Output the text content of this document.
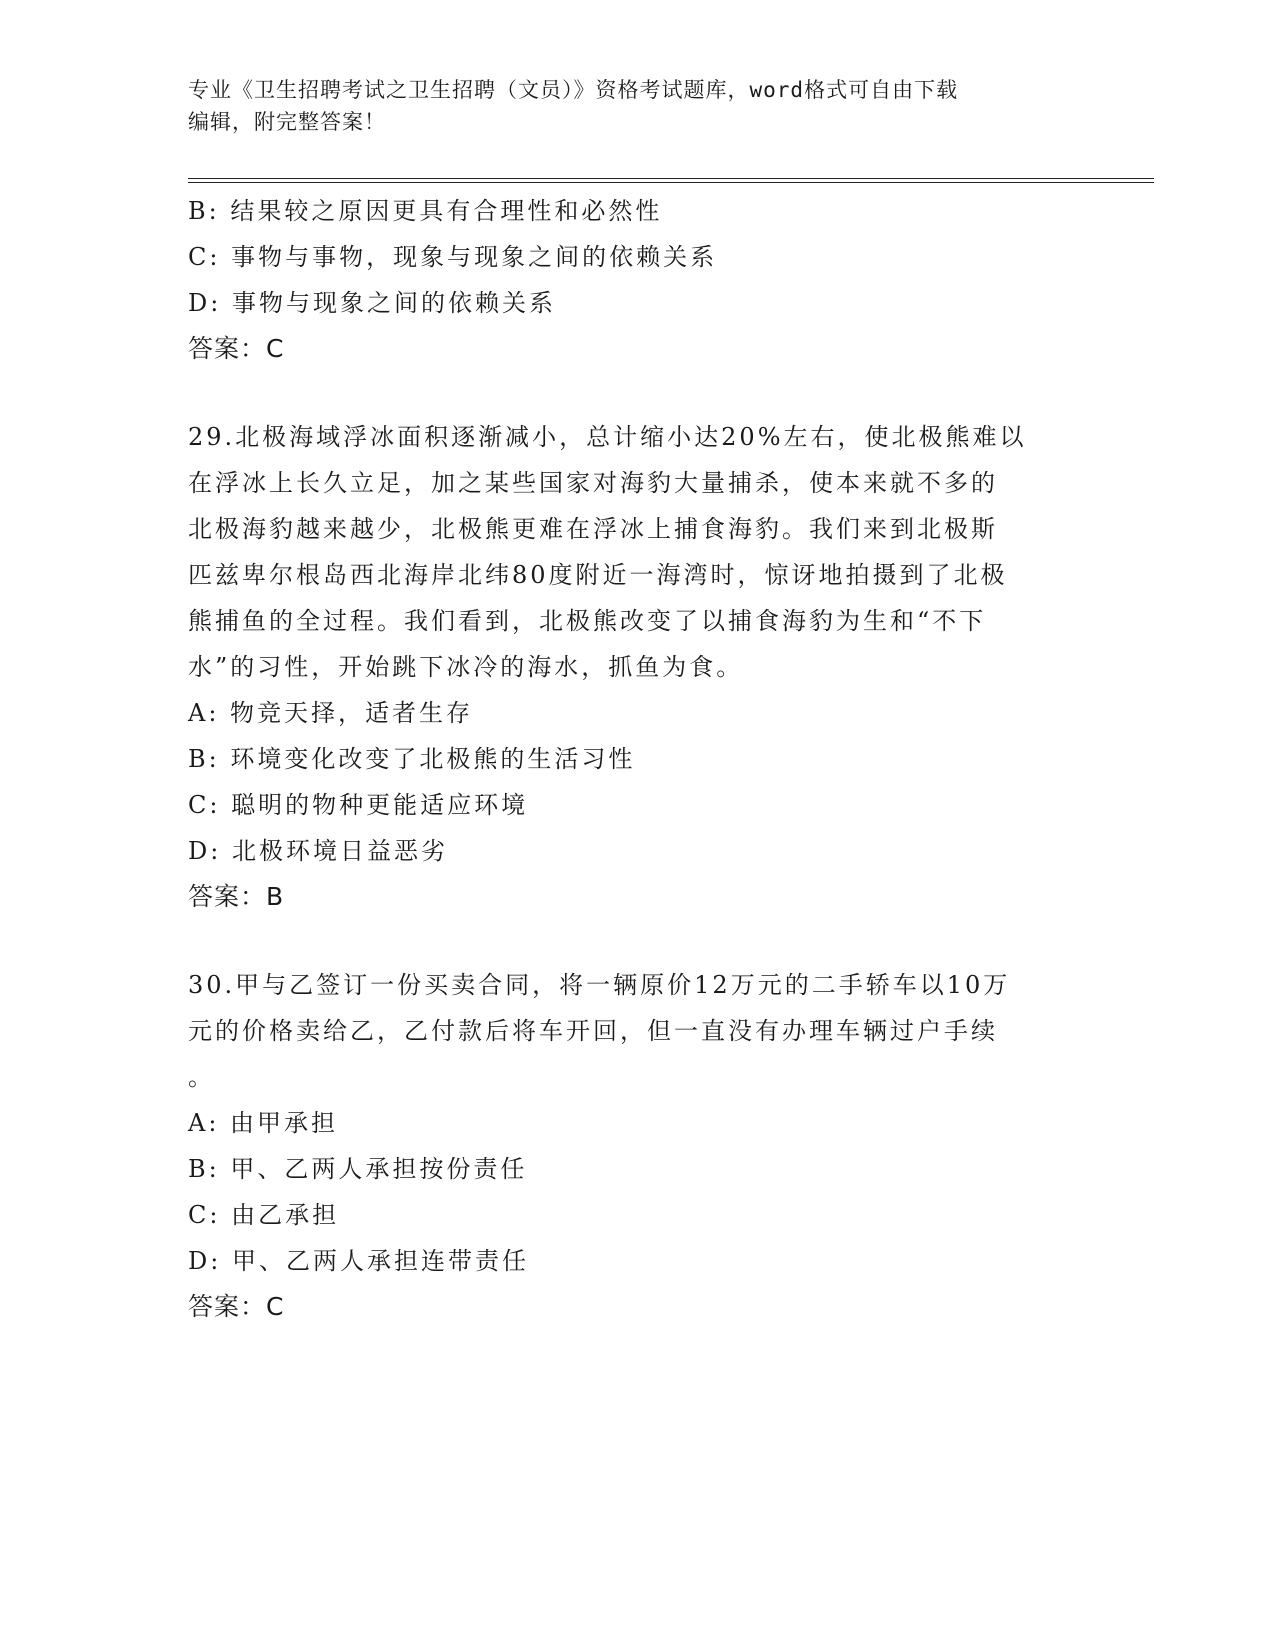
专业《卫生招聘考试之卫生招聘（文员）》资格考试题库，word格式可自由下载
编辑，附完整答案！
B: 结果较之原因更具有合理性和必然性
C: 事物与事物，现象与现象之间的依赖关系
D: 事物与现象之间的依赖关系
答案：C
29.北极海域浮冰面积逐渐减小，总计缩小达20%左右，使北极熊难以
在浮冰上长久立足，加之某些国家对海豹大量捕杀，使本来就不多的
北极海豹越来越少，北极熊更难在浮冰上捕食海豹。我们来到北极斯
匹兹卑尔根岛西北海岸北纬80度附近一海湾时，惊讶地拍摄到了北极
熊捕鱼的全过程。我们看到，北极熊改变了以捕食海豹为生和“不下
水”的习性，开始跳下冰冷的海水，抓鱼为食。
A: 物竞天择，适者生存
B: 环境变化改变了北极熊的生活习性
C: 聪明的物种更能适应环境
D: 北极环境日益恶劣
答案：B
30.甲与乙签订一份买卖合同，将一辆原价12万元的二手轿车以10万
元的价格卖给乙，乙付款后将车开回，但一直没有办理车辆过户手续
。
A: 由甲承担
B: 甲、乙两人承担按份责任
C: 由乙承担
D: 甲、乙两人承担连带责任
答案：C
